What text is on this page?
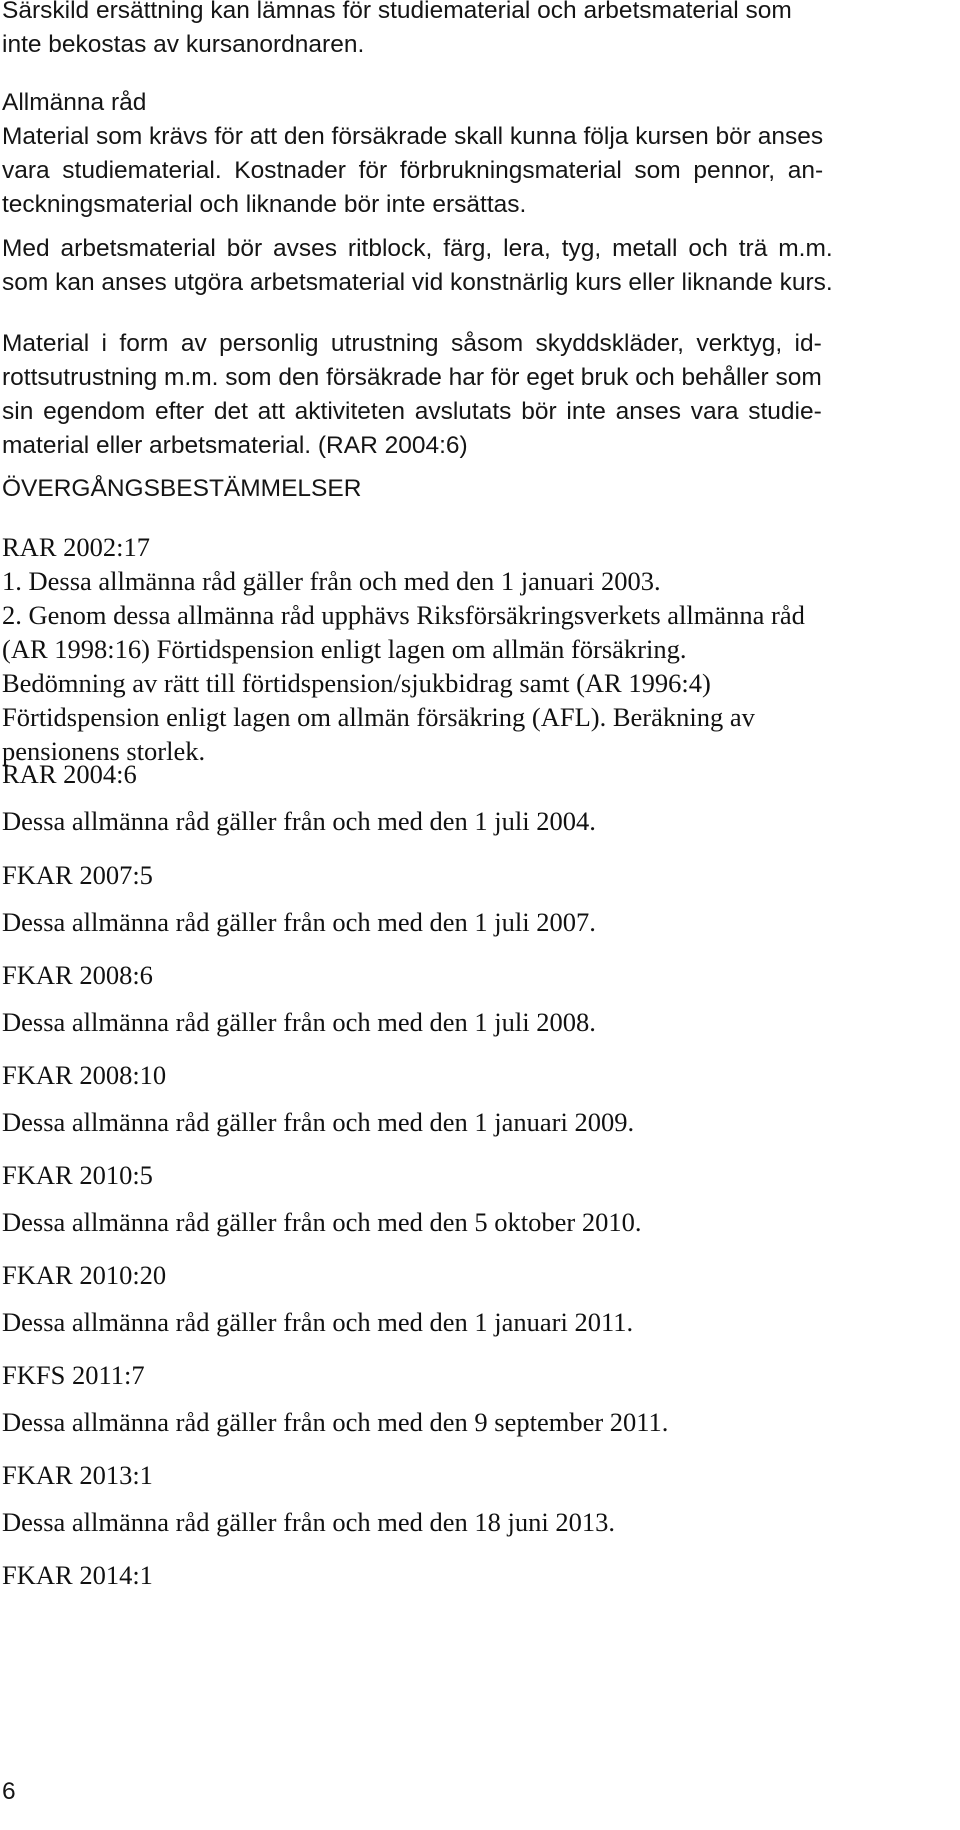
Särskild ersättning kan lämnas för studiematerial och arbetsmaterial som
inte bekostas av kursanordnaren.
Allmänna råd
Material som krävs för att den försäkrade skall kunna följa kursen bör anses
vara studiematerial. Kostnader för förbrukningsmaterial som pennor, an-
teckningsmaterial och liknande bör inte ersättas.
Med arbetsmaterial bör avses ritblock, färg, lera, tyg, metall och trä m.m.
som kan anses utgöra arbetsmaterial vid konstnärlig kurs eller liknande kurs.
Material i form av personlig utrustning såsom skyddskläder, verktyg, id-
rottsutrustning m.m. som den försäkrade har för eget bruk och behåller som
sin egendom efter det att aktiviteten avslutats bör inte anses vara studie-
material eller arbetsmaterial. (RAR 2004:6)
ÖVERGÅNGSBESTÄMMELSER
RAR 2002:17
1. Dessa allmänna råd gäller från och med den 1 januari 2003.
2. Genom dessa allmänna råd upphävs Riksförsäkringsverkets allmänna råd
(AR 1998:16) Förtidspension enligt lagen om allmän försäkring.
Bedömning av rätt till förtidspension/sjukbidrag samt (AR 1996:4)
Förtidspension enligt lagen om allmän försäkring (AFL). Beräkning av
pensionens storlek.
RAR 2004:6
Dessa allmänna råd gäller från och med den 1 juli 2004.
FKAR 2007:5
Dessa allmänna råd gäller från och med den 1 juli 2007.
FKAR 2008:6
Dessa allmänna råd gäller från och med den 1 juli 2008.
FKAR 2008:10
Dessa allmänna råd gäller från och med den 1 januari 2009.
FKAR 2010:5
Dessa allmänna råd gäller från och med den 5 oktober 2010.
FKAR 2010:20
Dessa allmänna råd gäller från och med den 1 januari 2011.
FKFS 2011:7
Dessa allmänna råd gäller från och med den 9 september 2011.
FKAR 2013:1
Dessa allmänna råd gäller från och med den 18 juni 2013.
FKAR 2014:1
6
